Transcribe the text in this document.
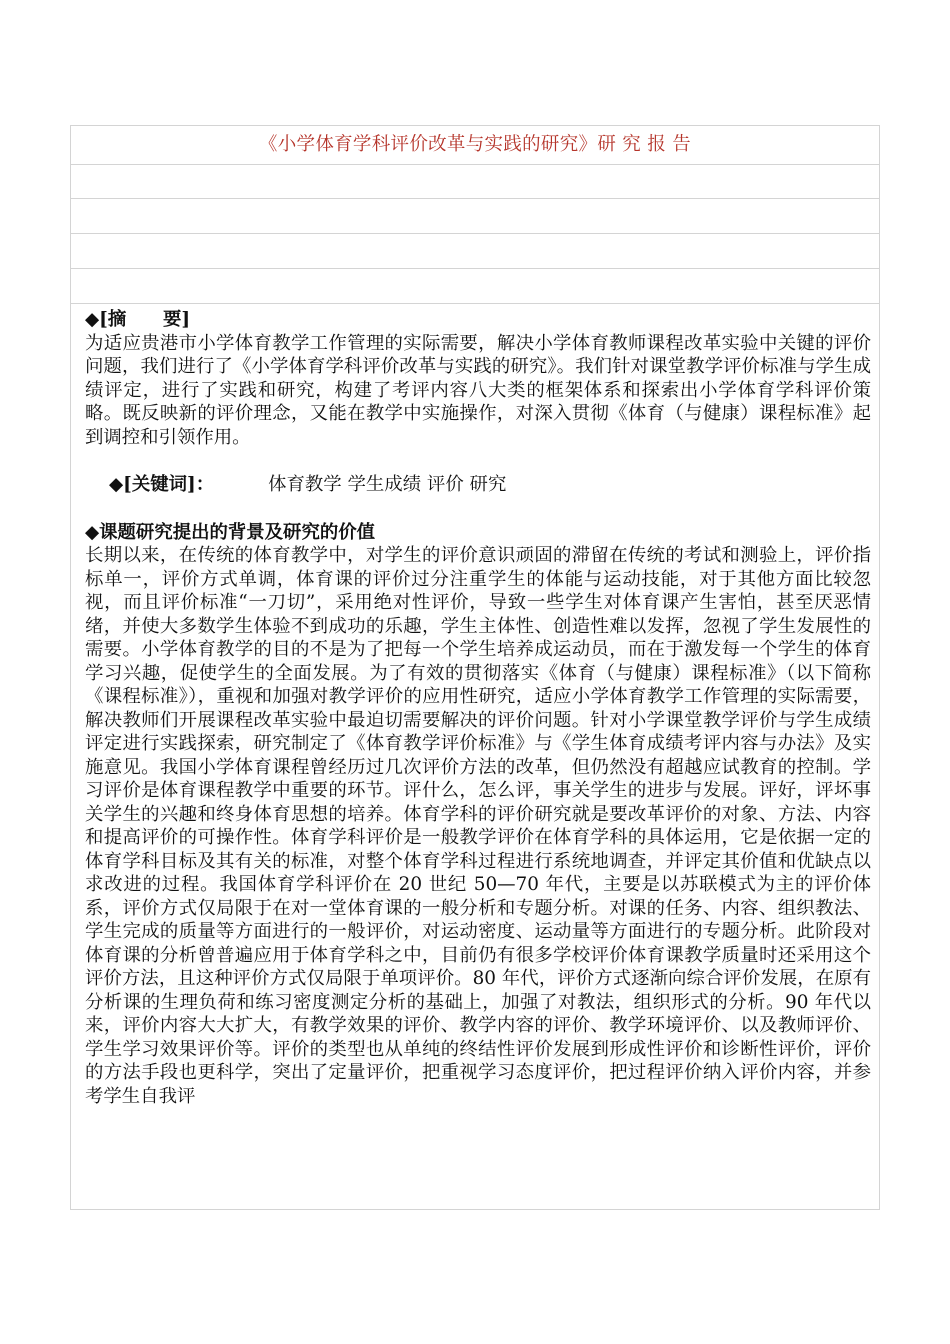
《小学体育学科评价改革与实践的研究》研 究 报 告
◆[摘　　要]

为适应贵港市小学体育教学工作管理的实际需要，解决小学体育教师课程改革实验中关键的评价问题，我们进行了《小学体育学科评价改革与实践的研究》。我们针对课堂教学评价标准与学生成绩评定，进行了实践和研究，构建了考评内容八大类的框架体系和探索出小学体育学科评价策略。既反映新的评价理念，又能在教学中实施操作，对深入贯彻《体育（与健康）课程标准》起到调控和引领作用。

◆[关键词]：	体育教学 学生成绩 评价 研究
◆课题研究提出的背景及研究的价值

长期以来，在传统的体育教学中，对学生的评价意识顽固的滞留在传统的考试和测验上，评价指标单一，评价方式单调，体育课的评价过分注重学生的体能与运动技能，对于其他方面比较忽视，而且评价标准“一刀切”，采用绝对性评价，导致一些学生对体育课产生害怕，甚至厌恶情绪，并使大多数学生体验不到成功的乐趣，学生主体性、创造性难以发挥，忽视了学生发展性的需要。小学体育教学的目的不是为了把每一个学生培养成运动员，而在于激发每一个学生的体育学习兴趣，促使学生的全面发展。为了有效的贯彻落实《体育（与健康）课程标准》（以下简称《课程标准》），重视和加强对教学评价的应用性研究，适应小学体育教学工作管理的实际需要，解决教师们开展课程改革实验中最迫切需要解决的评价问题。针对小学课堂教学评价与学生成绩评定进行实践探索，研究制定了《体育教学评价标准》与《学生体育成绩考评内容与办法》及实施意见。我国小学体育课程曾经历过几次评价方法的改革，但仍然没有超越应试教育的控制。学习评价是体育课程教学中重要的环节。评什么，怎么评，事关学生的进步与发展。评好，评坏事关学生的兴趣和终身体育思想的培养。体育学科的评价研究就是要改革评价的对象、方法、内容和提高评价的可操作性。体育学科评价是一般教学评价在体育学科的具体运用，它是依据一定的体育学科目标及其有关的标准，对整个体育学科过程进行系统地调查，并评定其价值和优缺点以求改进的过程。我国体育学科评价在 20 世纪 50—70 年代，主要是以苏联模式为主的评价体系，评价方式仅局限于在对一堂体育课的一般分析和专题分析。对课的任务、内容、组织教法、学生完成的质量等方面进行的一般评价，对运动密度、运动量等方面进行的专题分析。此阶段对体育课的分析曾普遍应用于体育学科之中，目前仍有很多学校评价体育课教学质量时还采用这个评价方法，且这种评价方式仅局限于单项评价。80 年代，评价方式逐渐向综合评价发展，在原有分析课的生理负荷和练习密度测定分析的基础上，加强了对教法，组织形式的分析。90 年代以来，评价内容大大扩大，有教学效果的评价、教学内容的评价、教学环境评价、以及教师评价、学生学习效果评价等。评价的类型也从单纯的终结性评价发展到形成性评价和诊断性评价，评价的方法手段也更科学，突出了定量评价，把重视学习态度评价，把过程评价纳入评价内容，并参考学生自我评
